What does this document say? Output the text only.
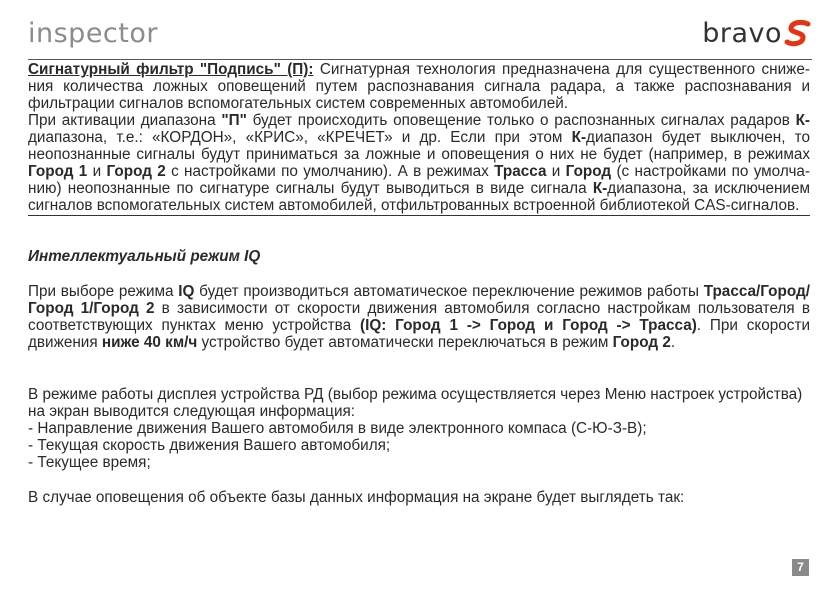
inspector	bravo

Сигнатурный фильтр "Подпись" (П): Сигнатурная технология предназначена для существенного сниже-ния количества ложных оповещений путем распознавания сигнала радара, а также распознавания и фильтрации сигналов вспомогательных систем современных автомобилей.

При активации диапазона "П" будет происходить оповещение только о распознанных сигналах радаров К-диапазона, т.е.: «КОРДОН», «КРИС», «КРЕЧЕТ» и др. Если при этом К-диапазон будет выключен, то неопознанные сигналы будут приниматься за ложные и оповещения о них не будет (например, в режимах Город 1 и Город 2 с настройками по умолчанию). А в режимах Трасса и Город (с настройками по умолча-нию) неопознанные по сигнатуре сигналы будут выводиться в виде сигнала К-диапазона, за исключением сигналов вспомогательных систем автомобилей, отфильтрованных встроенной библиотекой CAS-сигналов.

Интеллектуальный режим IQ

При выборе режима IQ будет производиться автоматическое переключение режимов работы Трасса/Город/Город 1/Город 2 в зависимости от скорости движения автомобиля согласно настройкам пользователя в соответствующих пунктах меню устройства (IQ: Город 1 -> Город и Город -> Трасса). При скорости движения ниже 40 км/ч устройство будет автоматически переключаться в режим Город 2.

В режиме работы дисплея устройства РД (выбор режима осуществляется через Меню настроек устройства) на экран выводится следующая информация:
- Направление движения Вашего автомобиля в виде электронного компаса (С-Ю-З-В);
- Текущая скорость движения Вашего автомобиля;
- Текущее время;
В случае оповещения об объекте базы данных информация на экране будет выглядеть так:
7
